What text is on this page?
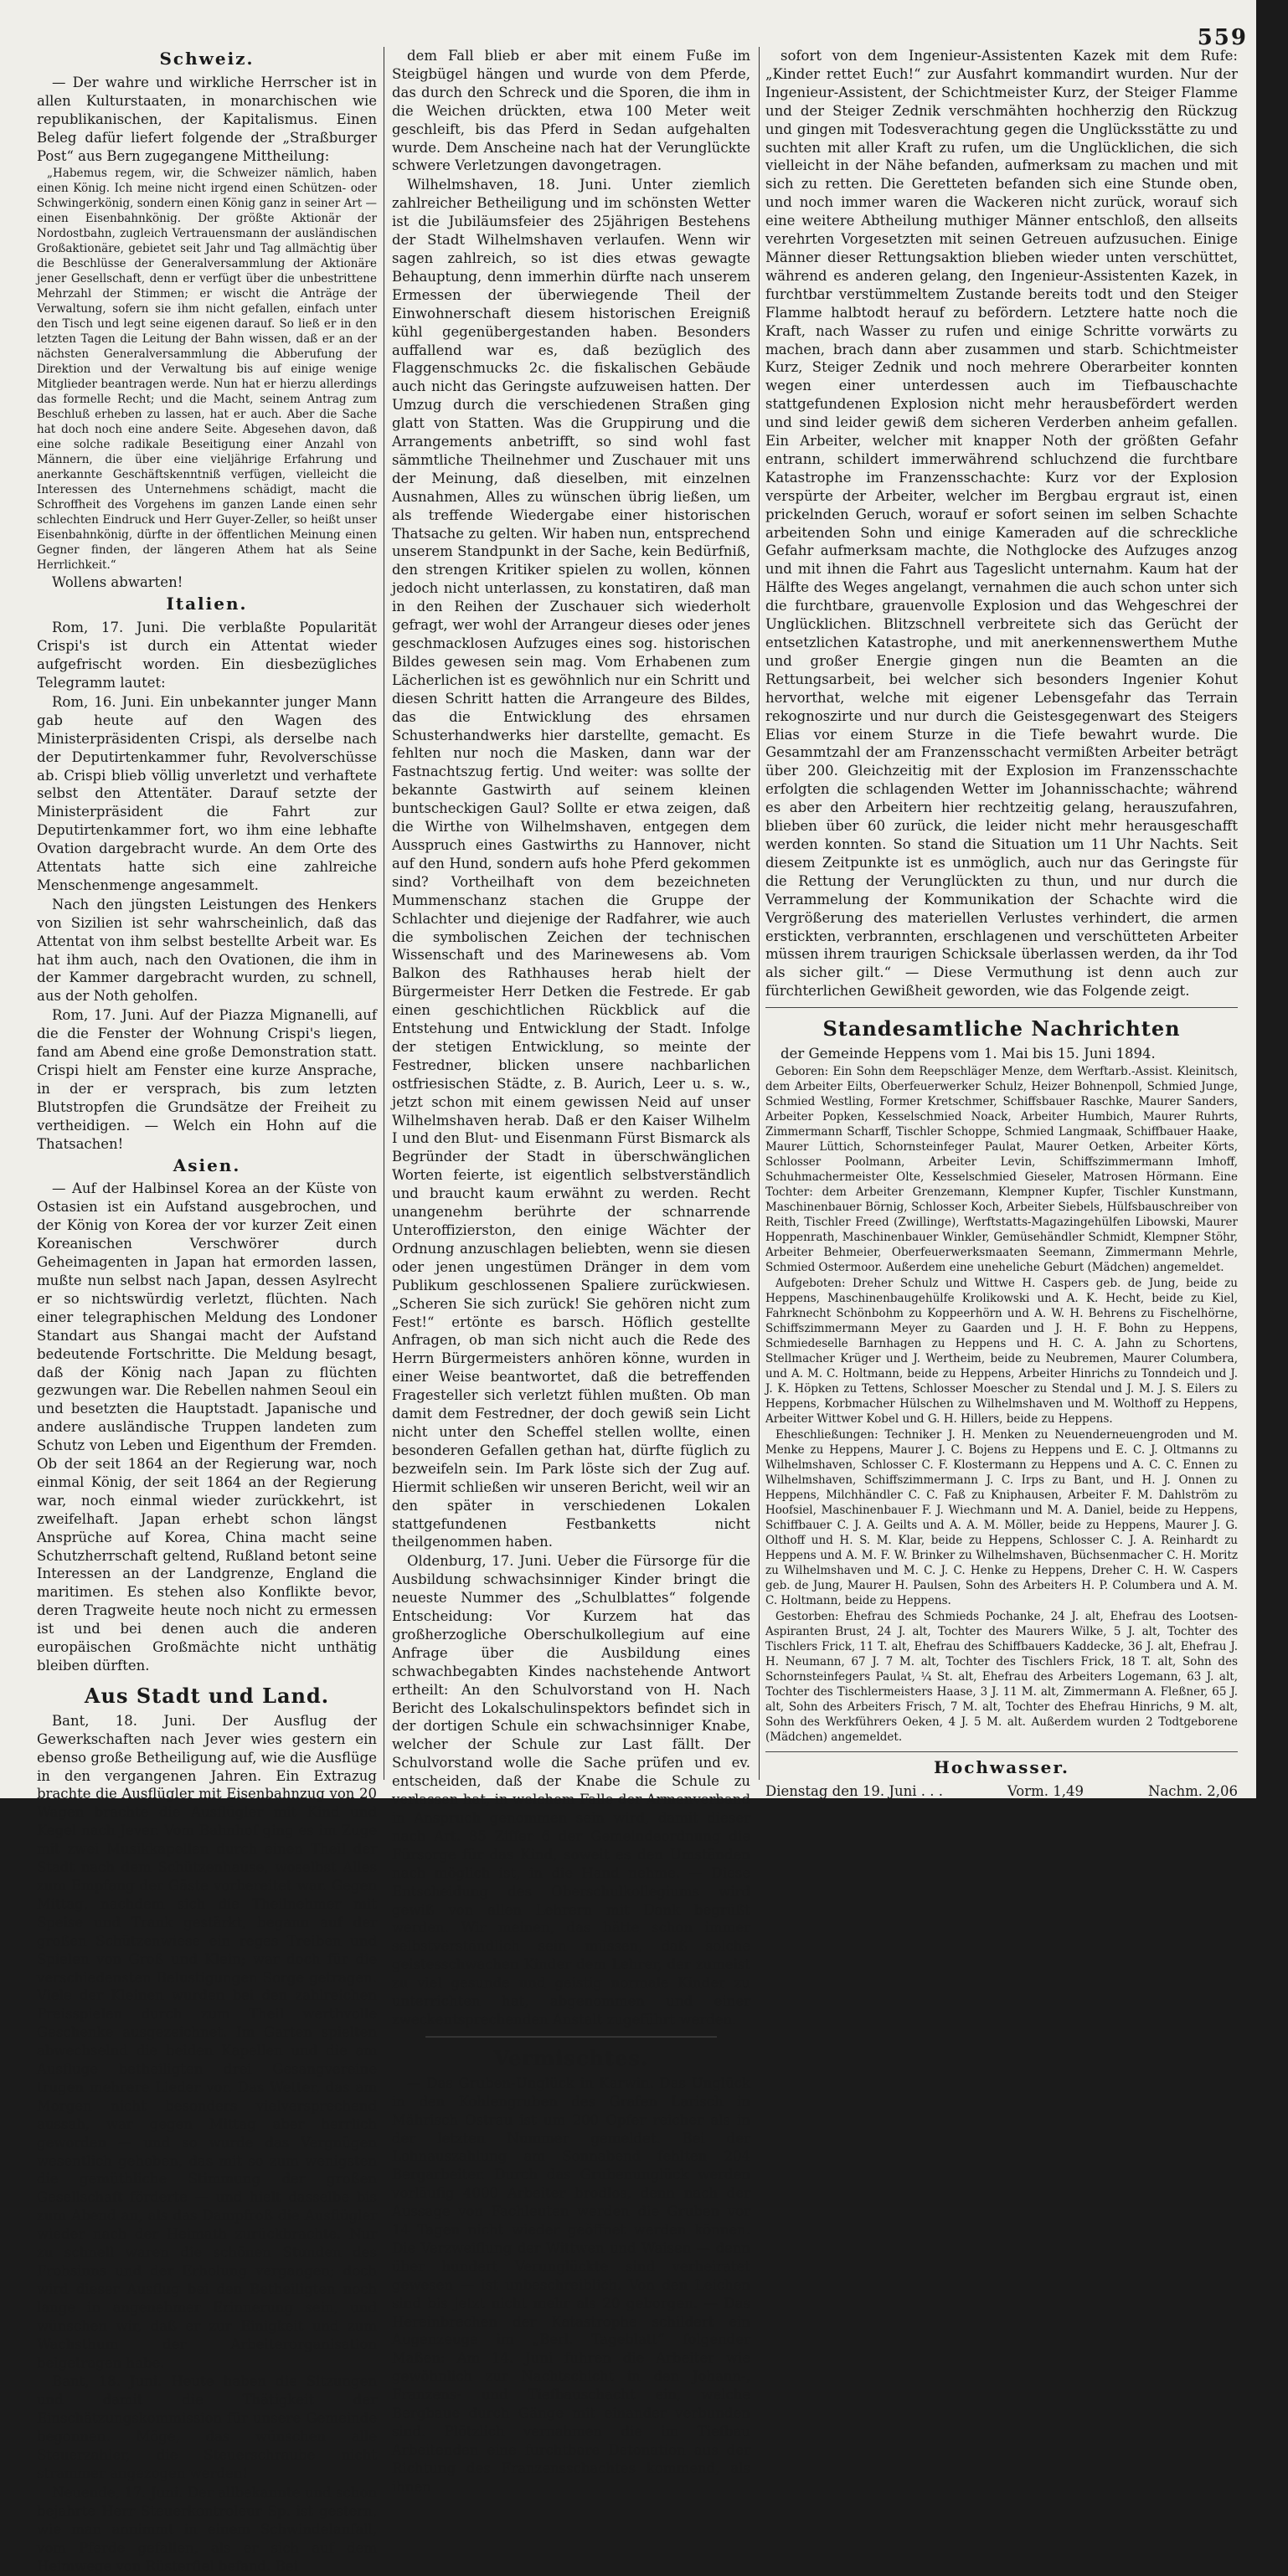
559
Schweiz.

— Der wahre und wirkliche Herrscher ist in allen Kulturstaaten, in monarchischen wie republikanischen, der Kapitalismus. Einen Beleg dafür liefert folgende der „Straßburger Post“ aus Bern zugegangene Mittheilung:

„Habemus regem, wir, die Schweizer nämlich, haben einen König. Ich meine nicht irgend einen Schützen- oder Schwingerkönig, sondern einen König ganz in seiner Art — einen Eisenbahnkönig. Der größte Aktionär der Nordostbahn, zugleich Vertrauensmann der ausländischen Großaktionäre, gebietet seit Jahr und Tag allmächtig über die Beschlüsse der Generalversammlung der Aktionäre jener Gesellschaft, denn er verfügt über die unbestrittene Mehrzahl der Stimmen; er wischt die Anträge der Verwaltung, sofern sie ihm nicht gefallen, einfach unter den Tisch und legt seine eigenen darauf. So ließ er in den letzten Tagen die Leitung der Bahn wissen, daß er an der nächsten Generalversammlung die Abberufung der Direktion und der Verwaltung bis auf einige wenige Mitglieder beantragen werde. Nun hat er hierzu allerdings das formelle Recht; und die Macht, seinem Antrag zum Beschluß erheben zu lassen, hat er auch. Aber die Sache hat doch noch eine andere Seite. Abgesehen davon, daß eine solche radikale Beseitigung einer Anzahl von Männern, die über eine vieljährige Erfahrung und anerkannte Geschäftskenntniß verfügen, vielleicht die Interessen des Unternehmens schädigt, macht die Schroffheit des Vorgehens im ganzen Lande einen sehr schlechten Eindruck und Herr Guyer-Zeller, so heißt unser Eisenbahnkönig, dürfte in der öffentlichen Meinung einen Gegner finden, der längeren Athem hat als Seine Herrlichkeit.“

Wollens abwarten!

Italien.

Rom, 17. Juni. Die verblaßte Popularität Crispi's ist durch ein Attentat wieder aufgefrischt worden. Ein diesbezügliches Telegramm lautet:

Rom, 16. Juni. Ein unbekannter junger Mann gab heute auf den Wagen des Ministerpräsidenten Crispi, als derselbe nach der Deputirtenkammer fuhr, Revolverschüsse ab. Crispi blieb völlig unverletzt und verhaftete selbst den Attentäter. Darauf setzte der Ministerpräsident die Fahrt zur Deputirtenkammer fort, wo ihm eine lebhafte Ovation dargebracht wurde. An dem Orte des Attentats hatte sich eine zahlreiche Menschenmenge angesammelt.

Nach den jüngsten Leistungen des Henkers von Sizilien ist sehr wahrscheinlich, daß das Attentat von ihm selbst bestellte Arbeit war. Es hat ihm auch, nach den Ovationen, die ihm in der Kammer dargebracht wurden, zu schnell, aus der Noth geholfen.

Rom, 17. Juni. Auf der Piazza Mignanelli, auf die die Fenster der Wohnung Crispi's liegen, fand am Abend eine große Demonstration statt. Crispi hielt am Fenster eine kurze Ansprache, in der er versprach, bis zum letzten Blutstropfen die Grundsätze der Freiheit zu vertheidigen. — Welch ein Hohn auf die Thatsachen!

Asien.

— Auf der Halbinsel Korea an der Küste von Ostasien ist ein Aufstand ausgebrochen, und der König von Korea der vor kurzer Zeit einen Koreanischen Verschwörer durch Geheimagenten in Japan hat ermorden lassen, mußte nun selbst nach Japan, dessen Asylrecht er so nichtswürdig verletzt, flüchten. Nach einer telegraphischen Meldung des Londoner Standart aus Shangai macht der Aufstand bedeutende Fortschritte. Die Meldung besagt, daß der König nach Japan zu flüchten gezwungen war. Die Rebellen nahmen Seoul ein und besetzten die Hauptstadt. Japanische und andere ausländische Truppen landeten zum Schutz von Leben und Eigenthum der Fremden. Ob der seit 1864 an der Regierung war, noch einmal König, der seit 1864 an der Regierung war, noch einmal wieder zurückkehrt, ist zweifelhaft. Japan erhebt schon längst Ansprüche auf Korea, China macht seine Schutzherrschaft geltend, Rußland betont seine Interessen an der Landgrenze, England die maritimen. Es stehen also Konflikte bevor, deren Tragweite heute noch nicht zu ermessen ist und bei denen auch die anderen europäischen Großmächte nicht unthätig bleiben dürften.

Aus Stadt und Land.

Bant, 18. Juni. Der Ausflug der Gewerkschaften nach Jever wies gestern ein ebenso große Betheiligung auf, wie die Ausflüge in den vergangenen Jahren. Ein Extrazug brachte die Ausflügler mit Eisenbahnzug von 20 Wagen brachte die Ausflügler mit Kind und Kegel nach Jever. Vom Bahnhof ging es im Zuge mit zwei Musikkapellen durch einen Theil der Stadt nach dem Schützenhause, woselbst Alles zum Empfang der Gäste vorbereitet war. Gegen Mittag, nachdem sich die Theilnehmer mit Speise und Trank gestärkt, begann auf der großen Schützenwiese ein reges Treiben und Spielen von Groß und Klein; war doch für die verschiedensten Belustigungen Sorge getragen. Viele der Kleinen wurden bei den zahlreichen Preisspielen durch zum Theil werthvolle Geschenke ausgezeichnet. Im Garten spielten abwechselnd die beiden Kapellen und die am Ausfluge betheiligten drei Gesangvereine trugen mehrere Lieder vor. Das Wetter, das am Morgen nicht besonders vielversprechend aussah, war gegen Mittag aber herrlich geworden — und so wurde das Vergnügen wesentlich gehoben, das mit so zum wenigsten die gemüthliche Stimmung der großen Gesellschaft förderte — und hielt dasselbe bis zum Abend an, als das Dampfroß die Ausflügler wieder nach der Heimath zurückbrachte. Nur zu schnell waren die schönen Stunden des Frohsinns und der Erholung vergangen; doch wird dieser Ausflug bei den Betheiligten noch lange in angenehmer Erinnerung sein, und wünschen wir, daß er zur Einigkeit und zum Wachsthum der Arbeiterorganisation beigetragen habe.

Bant, 18. Juni. Heute haben die Sitzungen und damit die Thätigkeit der Einschätzungskommission für unsere Gemeinde begonnen. Möge, das wünschen alle Steuerzahler, die Steuerschraube nicht strammer angezogen werden!

Neuende, 17. Juni. Der allbekannte und schon bejahrte Herr Steuerkontroleur Sp. ist gestern, wie man annimmt in einem Schwindelanfall, vom Pferde gefallen, als er sich auf dem Heimwege von Rüsterfiel befand. Bei

dem Fall blieb er aber mit einem Fuße im Steigbügel hängen und wurde von dem Pferde, das durch den Schreck und die Sporen, die ihm in die Weichen drückten, etwa 100 Meter weit geschleift, bis das Pferd in Sedan aufgehalten wurde. Dem Anscheine nach hat der Verunglückte schwere Verletzungen davongetragen.

Wilhelmshaven, 18. Juni. Unter ziemlich zahlreicher Betheiligung und im schönsten Wetter ist die Jubiläumsfeier des 25jährigen Bestehens der Stadt Wilhelmshaven verlaufen. Wenn wir sagen zahlreich, so ist dies etwas gewagte Behauptung, denn immerhin dürfte nach unserem Ermessen der überwiegende Theil der Einwohnerschaft diesem historischen Ereigniß kühl gegenübergestanden haben. Besonders auffallend war es, daß bezüglich des Flaggenschmucks 2c. die fiskalischen Gebäude auch nicht das Geringste aufzuweisen hatten. Der Umzug durch die verschiedenen Straßen ging glatt von Statten. Was die Gruppirung und die Arrangements anbetrifft, so sind wohl fast sämmtliche Theilnehmer und Zuschauer mit uns der Meinung, daß dieselben, mit einzelnen Ausnahmen, Alles zu wünschen übrig ließen, um als treffende Wiedergabe einer historischen Thatsache zu gelten. Wir haben nun, entsprechend unserem Standpunkt in der Sache, kein Bedürfniß, den strengen Kritiker spielen zu wollen, können jedoch nicht unterlassen, zu konstatiren, daß man in den Reihen der Zuschauer sich wiederholt gefragt, wer wohl der Arrangeur dieses oder jenes geschmacklosen Aufzuges eines sog. historischen Bildes gewesen sein mag. Vom Erhabenen zum Lächerlichen ist es gewöhnlich nur ein Schritt und diesen Schritt hatten die Arrangeure des Bildes, das die Entwicklung des ehrsamen Schusterhandwerks hier darstellte, gemacht. Es fehlten nur noch die Masken, dann war der Fastnachtszug fertig. Und weiter: was sollte der bekannte Gastwirth auf seinem kleinen buntscheckigen Gaul? Sollte er etwa zeigen, daß die Wirthe von Wilhelmshaven, entgegen dem Ausspruch eines Gastwirths zu Hannover, nicht auf den Hund, sondern aufs hohe Pferd gekommen sind? Vortheilhaft von dem bezeichneten Mummenschanz stachen die Gruppe der Schlachter und diejenige der Radfahrer, wie auch die symbolischen Zeichen der technischen Wissenschaft und des Marinewesens ab. Vom Balkon des Rathhauses herab hielt der Bürgermeister Herr Detken die Festrede. Er gab einen geschichtlichen Rückblick auf die Entstehung und Entwicklung der Stadt. Infolge der stetigen Entwicklung, so meinte der Festredner, blicken unsere nachbarlichen ostfriesischen Städte, z. B. Aurich, Leer u. s. w., jetzt schon mit einem gewissen Neid auf unser Wilhelmshaven herab. Daß er den Kaiser Wilhelm I und den Blut- und Eisenmann Fürst Bismarck als Begründer der Stadt in überschwänglichen Worten feierte, ist eigentlich selbstverständlich und braucht kaum erwähnt zu werden. Recht unangenehm berührte der schnarrende Unteroffizierston, den einige Wächter der Ordnung anzuschlagen beliebten, wenn sie diesen oder jenen ungestümen Dränger in dem vom Publikum geschlossenen Spaliere zurückwiesen. „Scheren Sie sich zurück! Sie gehören nicht zum Fest!“ ertönte es barsch. Höflich gestellte Anfragen, ob man sich nicht auch die Rede des Herrn Bürgermeisters anhören könne, wurden in einer Weise beantwortet, daß die betreffenden Fragesteller sich verletzt fühlen mußten. Ob man damit dem Festredner, der doch gewiß sein Licht nicht unter den Scheffel stellen wollte, einen besonderen Gefallen gethan hat, dürfte füglich zu bezweifeln sein. Im Park löste sich der Zug auf. Hiermit schließen wir unseren Bericht, weil wir an den später in verschiedenen Lokalen stattgefundenen Festbanketts nicht theilgenommen haben.

Oldenburg, 17. Juni. Ueber die Fürsorge für die Ausbildung schwachsinniger Kinder bringt die neueste Nummer des „Schulblattes“ folgende Entscheidung: Vor Kurzem hat das großherzogliche Oberschulkollegium auf eine Anfrage über die Ausbildung eines schwachbegabten Kindes nachstehende Antwort ertheilt: An den Schulvorstand von H. Nach Bericht des Lokalschulinspektors befindet sich in der dortigen Schule ein schwachsinniger Knabe, welcher der Schule zur Last fällt. Der Schulvorstand wolle die Sache prüfen und ev. entscheiden, daß der Knabe die Schule zu verlassen hat, in welchem Falle der Armenverband in Anspruch genommen sein wird, damit dieser nach Art. 85 Ziffer 6 der Gemeindeordnung die Fürsorge für das Kind, soweit es den Umständen nach möglich ist, in die Hand nehme. — Diese Entscheidung des Oberschulkollegiums wird gewiß von allen Lehrern mit Dank begrüßt werden. Wir meinen, das hätte schon immer selbstverständlich sein müssen, daß solche geistesschwachen Kinder dem Lehrer, der zumeist zu viel gesunde und geistig normale Kinder zu unterrichten hat, abgenommen und einer zweckentsprechenden Anstalt zugeführt werden.

Vermischtes.

— Das Gruben-Unglück in Karwin. Das Unglück in den Kohlengruben des Grafen Larisch in Mährisch Ostrau ist um 200 Opfer reicher als in der letzten Nummer gemeldet. Bei der Lohnauszahlung am Sonnabend fehlten 204 Bergarbeiter. Durch das Grubenunglück werden vorläufig 4000 Arbeiter brodlos, denn nach der Aussage von Fachleuten werden die Gruben vor 14 Tagen nicht wieder geöffnet werden können. Die Verzweiflung der Wittwen und Waisen — denn über hundert Verunglückte sind verheiratet gewesen — ist unbeschreiblich. Von den Leichen sind bis jetzt nicht mehr als 20 geborgen. — Das Hereinbrechen der Katastrophe schildert ein Augenzeuge im „Berl. Tageblatt“ folgender Maßen: Am 14. Juni fuhren die Arbeiter wie gewöhnlich zur Nachtschicht in den Johann-, Franzens- und Tiefbauschacht ein, welche Bergbaue durch Gänge mit einander verbunden sind. Plötzlich vernahmen die im Tiefbau Arbeitenden eine furchtbare Detonation aus der Richtung des Franzensschachtes kommend, als ihnen

sofort von dem Ingenieur-Assistenten Kazek mit dem Rufe: „Kinder rettet Euch!“ zur Ausfahrt kommandirt wurden. Nur der Ingenieur-Assistent, der Schichtmeister Kurz, der Steiger Flamme und der Steiger Zednik verschmähten hochherzig den Rückzug und gingen mit Todesverachtung gegen die Unglücksstätte zu und suchten mit aller Kraft zu rufen, um die Unglücklichen, die sich vielleicht in der Nähe befanden, aufmerksam zu machen und mit sich zu retten. Die Geretteten befanden sich eine Stunde oben, und noch immer waren die Wackeren nicht zurück, worauf sich eine weitere Abtheilung muthiger Männer entschloß, den allseits verehrten Vorgesetzten mit seinen Getreuen aufzusuchen. Einige Männer dieser Rettungsaktion blieben wieder unten verschüttet, während es anderen gelang, den Ingenieur-Assistenten Kazek, in furchtbar verstümmeltem Zustande bereits todt und den Steiger Flamme halbtodt herauf zu befördern. Letztere hatte noch die Kraft, nach Wasser zu rufen und einige Schritte vorwärts zu machen, brach dann aber zusammen und starb. Schichtmeister Kurz, Steiger Zednik und noch mehrere Oberarbeiter konnten wegen einer unterdessen auch im Tiefbauschachte stattgefundenen Explosion nicht mehr herausbefördert werden und sind leider gewiß dem sicheren Verderben anheim gefallen. Ein Arbeiter, welcher mit knapper Noth der größten Gefahr entrann, schildert immerwährend schluchzend die furchtbare Katastrophe im Franzensschachte: Kurz vor der Explosion verspürte der Arbeiter, welcher im Bergbau ergraut ist, einen prickelnden Geruch, worauf er sofort seinen im selben Schachte arbeitenden Sohn und einige Kameraden auf die schreckliche Gefahr aufmerksam machte, die Nothglocke des Aufzuges anzog und mit ihnen die Fahrt aus Tageslicht unternahm. Kaum hat der Hälfte des Weges angelangt, vernahmen die auch schon unter sich die furchtbare, grauenvolle Explosion und das Wehgeschrei der Unglücklichen. Blitzschnell verbreitete sich das Gerücht der entsetzlichen Katastrophe, und mit anerkennenswerthem Muthe und großer Energie gingen nun die Beamten an die Rettungsarbeit, bei welcher sich besonders Ingenier Kohut hervorthat, welche mit eigener Lebensgefahr das Terrain rekognoszirte und nur durch die Geistesgegenwart des Steigers Elias vor einem Sturze in die Tiefe bewahrt wurde. Die Gesammtzahl der am Franzensschacht vermißten Arbeiter beträgt über 200. Gleichzeitig mit der Explosion im Franzensschachte erfolgten die schlagenden Wetter im Johannisschachte; während es aber den Arbeitern hier rechtzeitig gelang, herauszufahren, blieben über 60 zurück, die leider nicht mehr herausgeschafft werden konnten. So stand die Situation um 11 Uhr Nachts. Seit diesem Zeitpunkte ist es unmöglich, auch nur das Geringste für die Rettung der Verunglückten zu thun, und nur durch die Verrammelung der Kommunikation der Schachte wird die Vergrößerung des materiellen Verlustes verhindert, die armen erstickten, verbrannten, erschlagenen und verschütteten Arbeiter müssen ihrem traurigen Schicksale überlassen werden, da ihr Tod als sicher gilt.“ — Diese Vermuthung ist denn auch zur fürchterlichen Gewißheit geworden, wie das Folgende zeigt.

Standesamtliche Nachrichten

der Gemeinde Heppens vom 1. Mai bis 15. Juni 1894.

Geboren: Ein Sohn dem Reepschläger Menze, dem Werftarb.-Assist. Kleinitsch, dem Arbeiter Eilts, Oberfeuerwerker Schulz, Heizer Bohnenpoll, Schmied Junge, Schmied Westling, Former Kretschmer, Schiffsbauer Raschke, Maurer Sanders, Arbeiter Popken, Kesselschmied Noack, Arbeiter Humbich, Maurer Ruhrts, Zimmermann Scharff, Tischler Schoppe, Schmied Langmaak, Schiffbauer Haake, Maurer Lüttich, Schornsteinfeger Paulat, Maurer Oetken, Arbeiter Körts, Schlosser Poolmann, Arbeiter Levin, Schiffszimmermann Imhoff, Schuhmachermeister Olte, Kesselschmied Gieseler, Matrosen Hörmann. Eine Tochter: dem Arbeiter Grenzemann, Klempner Kupfer, Tischler Kunstmann, Maschinenbauer Börnig, Schlosser Koch, Arbeiter Siebels, Hülfsbauschreiber von Reith, Tischler Freed (Zwillinge), Werftstatts-Magazingehülfen Libowski, Maurer Hoppenrath, Maschinenbauer Winkler, Gemüsehändler Schmidt, Klempner Stöhr, Arbeiter Behmeier, Oberfeuerwerksmaaten Seemann, Zimmermann Mehrle, Schmied Ostermoor. Außerdem eine uneheliche Geburt (Mädchen) angemeldet.

Aufgeboten: Dreher Schulz und Wittwe H. Caspers geb. de Jung, beide zu Heppens, Maschinenbaugehülfe Krolikowski und A. K. Hecht, beide zu Kiel, Fahrknecht Schönbohm zu Koppeerhörn und A. W. H. Behrens zu Fischelhörne, Schiffszimmermann Meyer zu Gaarden und J. H. F. Bohn zu Heppens, Schmiedeselle Barnhagen zu Heppens und H. C. A. Jahn zu Schortens, Stellmacher Krüger und J. Wertheim, beide zu Neubremen, Maurer Columbera, und A. M. C. Holtmann, beide zu Heppens, Arbeiter Hinrichs zu Tonndeich und J. J. K. Höpken zu Tettens, Schlosser Moescher zu Stendal und J. M. J. S. Eilers zu Heppens, Korbmacher Hülschen zu Wilhelmshaven und M. Wolthoff zu Heppens, Arbeiter Wittwer Kobel und G. H. Hillers, beide zu Heppens.

Eheschließungen: Techniker J. H. Menken zu Neuenderneuengroden und M. Menke zu Heppens, Maurer J. C. Bojens zu Heppens und E. C. J. Oltmanns zu Wilhelmshaven, Schlosser C. F. Klostermann zu Heppens und A. C. C. Ennen zu Wilhelmshaven, Schiffszimmermann J. C. Irps zu Bant, und H. J. Onnen zu Heppens, Milchhändler C. C. Faß zu Kniphausen, Arbeiter F. M. Dahlström zu Hoofsiel, Maschinenbauer F. J. Wiechmann und M. A. Daniel, beide zu Heppens, Schiffbauer C. J. A. Geilts und A. A. M. Möller, beide zu Heppens, Maurer J. G. Olthoff und H. S. M. Klar, beide zu Heppens, Schlosser C. J. A. Reinhardt zu Heppens und A. M. F. W. Brinker zu Wilhelmshaven, Büchsenmacher C. H. Moritz zu Wilhelmshaven und M. C. J. C. Henke zu Heppens, Dreher C. H. W. Caspers geb. de Jung, Maurer H. Paulsen, Sohn des Arbeiters H. P. Columbera und A. M. C. Holtmann, beide zu Heppens.

Gestorben: Ehefrau des Schmieds Pochanke, 24 J. alt, Ehefrau des Lootsen-Aspiranten Brust, 24 J. alt, Tochter des Maurers Wilke, 5 J. alt, Tochter des Tischlers Frick, 11 T. alt, Ehefrau des Schiffbauers Kaddecke, 36 J. alt, Ehefrau J. H. Neumann, 67 J. 7 M. alt, Tochter des Tischlers Frick, 18 T. alt, Sohn des Schornsteinfegers Paulat, ¼ St. alt, Ehefrau des Arbeiters Logemann, 63 J. alt, Tochter des Tischlermeisters Haase, 3 J. 11 M. alt, Zimmermann A. Fleßner, 65 J. alt, Sohn des Arbeiters Frisch, 7 M. alt, Tochter des Ehefrau Hinrichs, 9 M. alt, Sohn des Werkführers Oeken, 4 J. 5 M. alt. Außerdem wurden 2 Todtgeborene (Mädchen) angemeldet.

Hochwasser.

Dienstag den 19. Juni . . .	Vorm. 1,49	Nachm. 2,06
